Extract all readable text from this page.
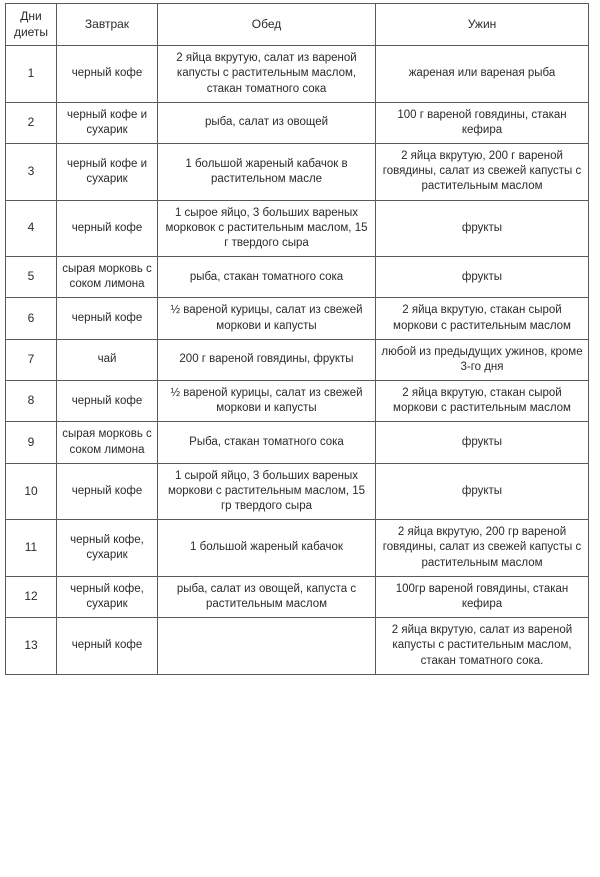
Дни диеты	Завтрак	Обед	Ужин
1	черный кофе	2 яйца вкрутую, салат из вареной капусты с растительным маслом, стакан томатного сока	жареная или вареная рыба
2	черный кофе и сухарик	рыба, салат из овощей	100 г вареной говядины, стакан кефира
3	черный кофе и сухарик	1 большой жареный кабачок в растительном масле	2 яйца вкрутую, 200 г вареной говядины, салат из свежей капусты с растительным маслом
4	черный кофе	1 сырое яйцо, 3 больших вареных морковок с растительным маслом, 15 г твердого сыра	фрукты
5	сырая морковь с соком лимона	рыба, стакан томатного сока	фрукты
6	черный кофе	½ вареной курицы, салат из свежей моркови и капусты	2 яйца вкрутую, стакан сырой моркови с растительным маслом
7	чай	200 г вареной говядины, фрукты	любой из предыдущих ужинов, кроме 3-го дня
8	черный кофе	½ вареной курицы, салат из свежей моркови и капусты	2 яйца вкрутую, стакан сырой моркови с растительным маслом
9	сырая морковь с соком лимона	Рыба, стакан томатного сока	фрукты
10	черный кофе	1 сырой яйцо, 3 больших вареных моркови с растительным маслом, 15 гр твердого сыра	фрукты
11	черный кофе, сухарик	1 большой жареный кабачок	2 яйца вкрутую, 200 гр вареной говядины, салат из свежей капусты с растительным маслом
12	черный кофе, сухарик	рыба, салат из овощей, капуста с растительным маслом	100гр вареной говядины, стакан кефира
13	черный кофе		2 яйца вкрутую, салат из вареной капусты с растительным маслом, стакан томатного сока.
